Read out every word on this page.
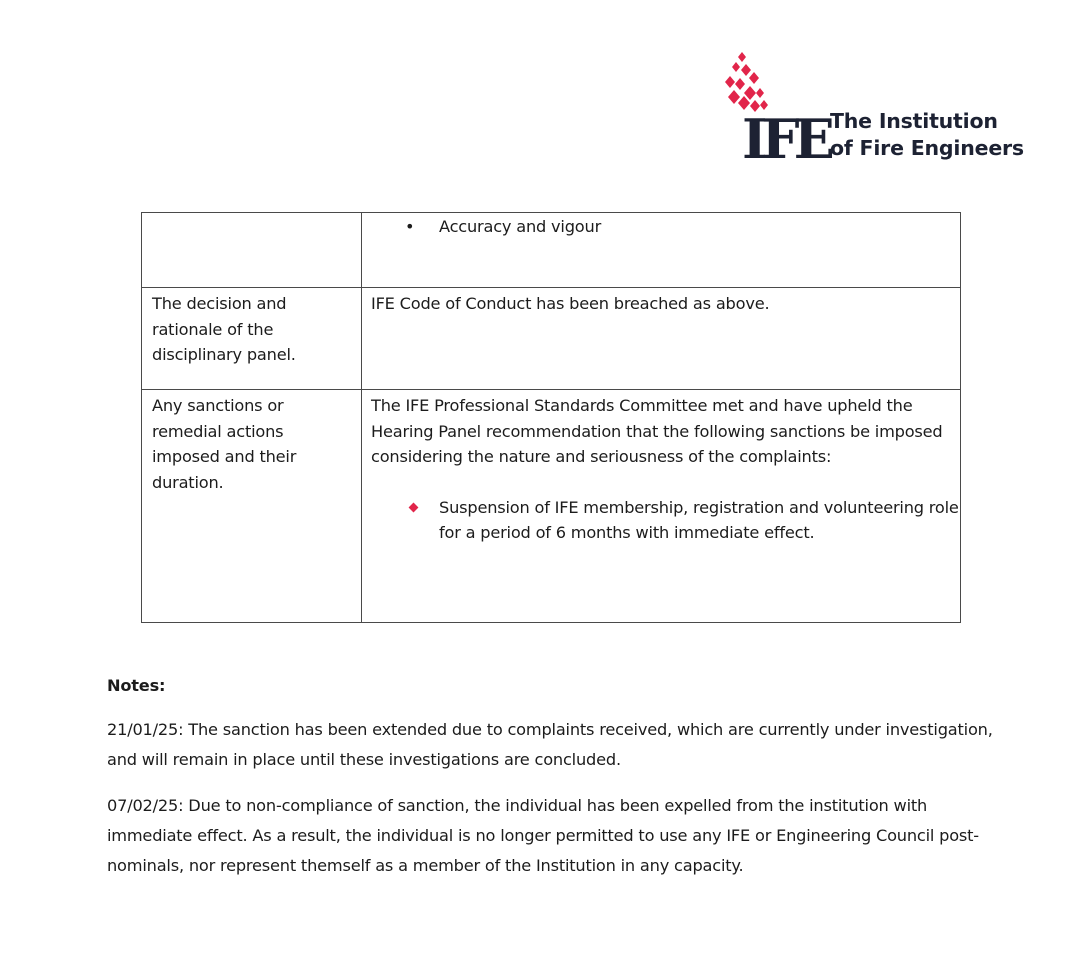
IFE The Institution
of Fire Engineers

	• Accuracy and vigour

The decision and rationale of the disciplinary panel.	IFE Code of Conduct has been breached as above.

Any sanctions or remedial actions imposed and their duration.	The IFE Professional Standards Committee met and have upheld the Hearing Panel recommendation that the following sanctions be imposed considering the nature and seriousness of the complaints:
Suspension of IFE membership, registration and volunteering role for a period of 6 months with immediate effect.
Notes:

21/01/25: The sanction has been extended due to complaints received, which are currently under investigation, and will remain in place until these investigations are concluded.

07/02/25: Due to non-compliance of sanction, the individual has been expelled from the institution with immediate effect. As a result, the individual is no longer permitted to use any IFE or Engineering Council post-nominals, nor represent themself as a member of the Institution in any capacity.
